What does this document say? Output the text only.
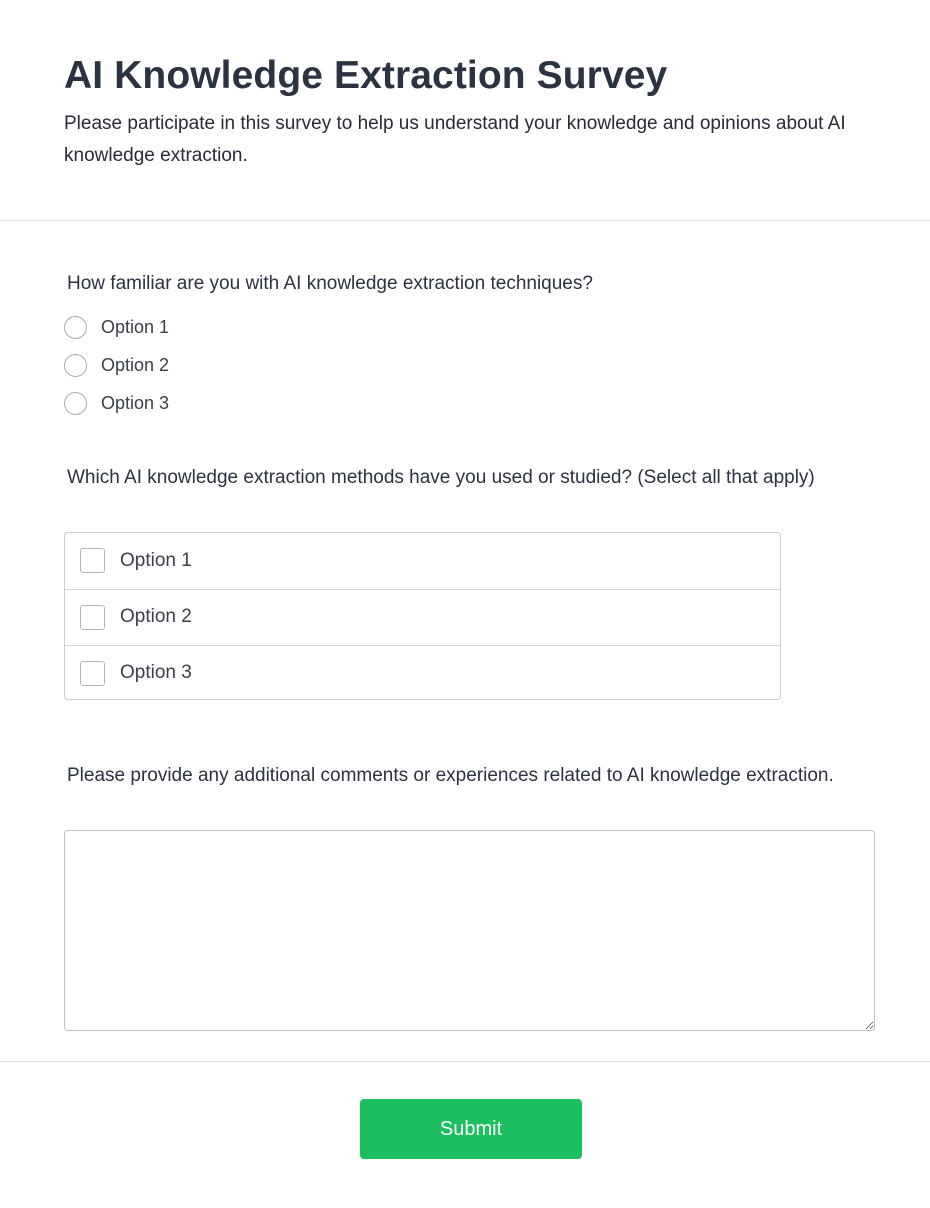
AI Knowledge Extraction Survey

Please participate in this survey to help us understand your knowledge and opinions about AI knowledge extraction.

How familiar are you with AI knowledge extraction techniques?

Option 1
Option 2
Option 3

Which AI knowledge extraction methods have you used or studied? (Select all that apply)

Option 1
Option 2
Option 3

Please provide any additional comments or experiences related to AI knowledge extraction.

Submit
